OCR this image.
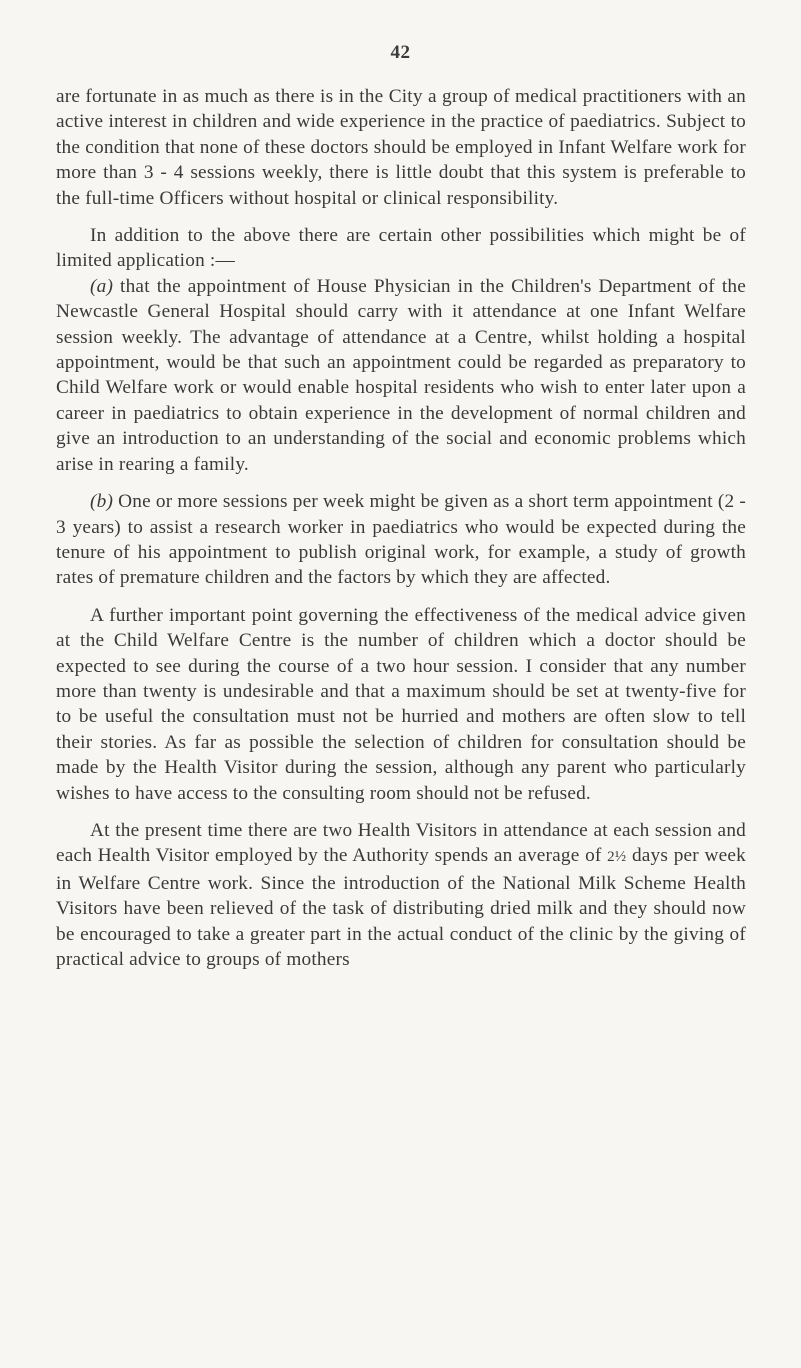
42

are fortunate in as much as there is in the City a group of medical practitioners with an active interest in children and wide experience in the practice of paediatrics. Subject to the condition that none of these doctors should be employed in Infant Welfare work for more than 3 - 4 sessions weekly, there is little doubt that this system is preferable to the full-time Officers without hospital or clinical responsibility.

In addition to the above there are certain other possibilities which might be of limited application :—

(a) that the appointment of House Physician in the Children's Department of the Newcastle General Hospital should carry with it attendance at one Infant Welfare session weekly. The advantage of attendance at a Centre, whilst holding a hospital appointment, would be that such an appointment could be regarded as preparatory to Child Welfare work or would enable hospital residents who wish to enter later upon a career in paediatrics to obtain experience in the development of normal children and give an introduction to an understanding of the social and economic problems which arise in rearing a family.

(b) One or more sessions per week might be given as a short term appointment (2 - 3 years) to assist a research worker in paediatrics who would be expected during the tenure of his appointment to publish original work, for example, a study of growth rates of premature children and the factors by which they are affected.

A further important point governing the effectiveness of the medical advice given at the Child Welfare Centre is the number of children which a doctor should be expected to see during the course of a two hour session. I consider that any number more than twenty is undesirable and that a maximum should be set at twenty-five for to be useful the consultation must not be hurried and mothers are often slow to tell their stories. As far as possible the selection of children for consultation should be made by the Health Visitor during the session, although any parent who particularly wishes to have access to the consulting room should not be refused.

At the present time there are two Health Visitors in attendance at each session and each Health Visitor employed by the Authority spends an average of 2½ days per week in Welfare Centre work. Since the introduction of the National Milk Scheme Health Visitors have been relieved of the task of distributing dried milk and they should now be encouraged to take a greater part in the actual conduct of the clinic by the giving of practical advice to groups of mothers
